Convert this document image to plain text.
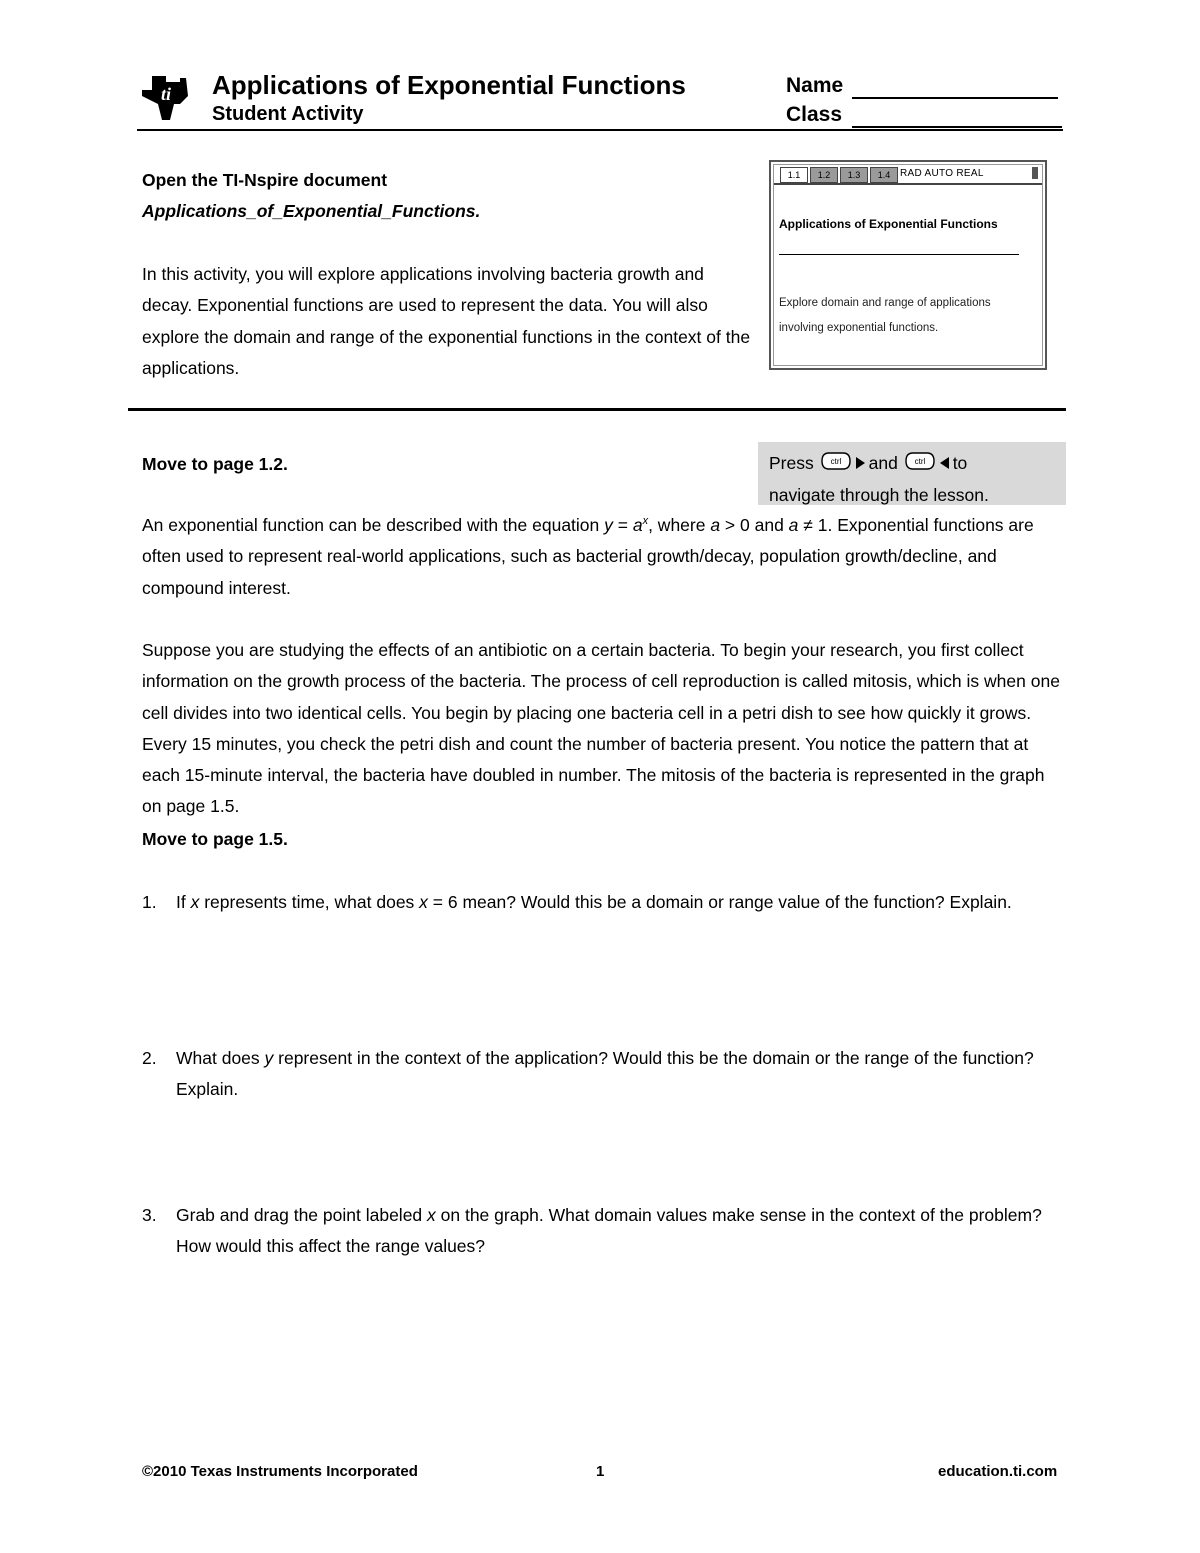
ti Applications of Exponential Functions
Student Activity
Name
Class
Open the TI-Nspire document
Applications_of_Exponential_Functions.
In this activity, you will explore applications involving bacteria growth and decay. Exponential functions are used to represent the data. You will also explore the domain and range of the exponential functions in the context of the applications.
1.1	1.2	1.3	1.4 RAD AUTO REAL
Applications of Exponential Functions
Explore domain and range of applications involving exponential functions.
Press ctrl and ctrl to
navigate through the lesson.
Move to page 1.2.
An exponential function can be described with the equation $y = a^x$, where a > 0 and a ≠ 1. Exponential functions are often used to represent real-world applications, such as bacterial growth/decay, population growth/decline, and compound interest.
Suppose you are studying the effects of an antibiotic on a certain bacteria. To begin your research, you first collect information on the growth process of the bacteria. The process of cell reproduction is called mitosis, which is when one cell divides into two identical cells. You begin by placing one bacteria cell in a petri dish to see how quickly it grows. Every 15 minutes, you check the petri dish and count the number of bacteria present. You notice the pattern that at each 15-minute interval, the bacteria have doubled in number. The mitosis of the bacteria is represented in the graph on page 1.5.
Move to page 1.5.
1. If x represents time, what does x = 6 mean? Would this be a domain or range value of the function? Explain.
2. What does y represent in the context of the application? Would this be the domain or the range of the function? Explain.
3. Grab and drag the point labeled x on the graph. What domain values make sense in the context of the problem? How would this affect the range values?
©2010 Texas Instruments Incorporated	1	education.ti.com
